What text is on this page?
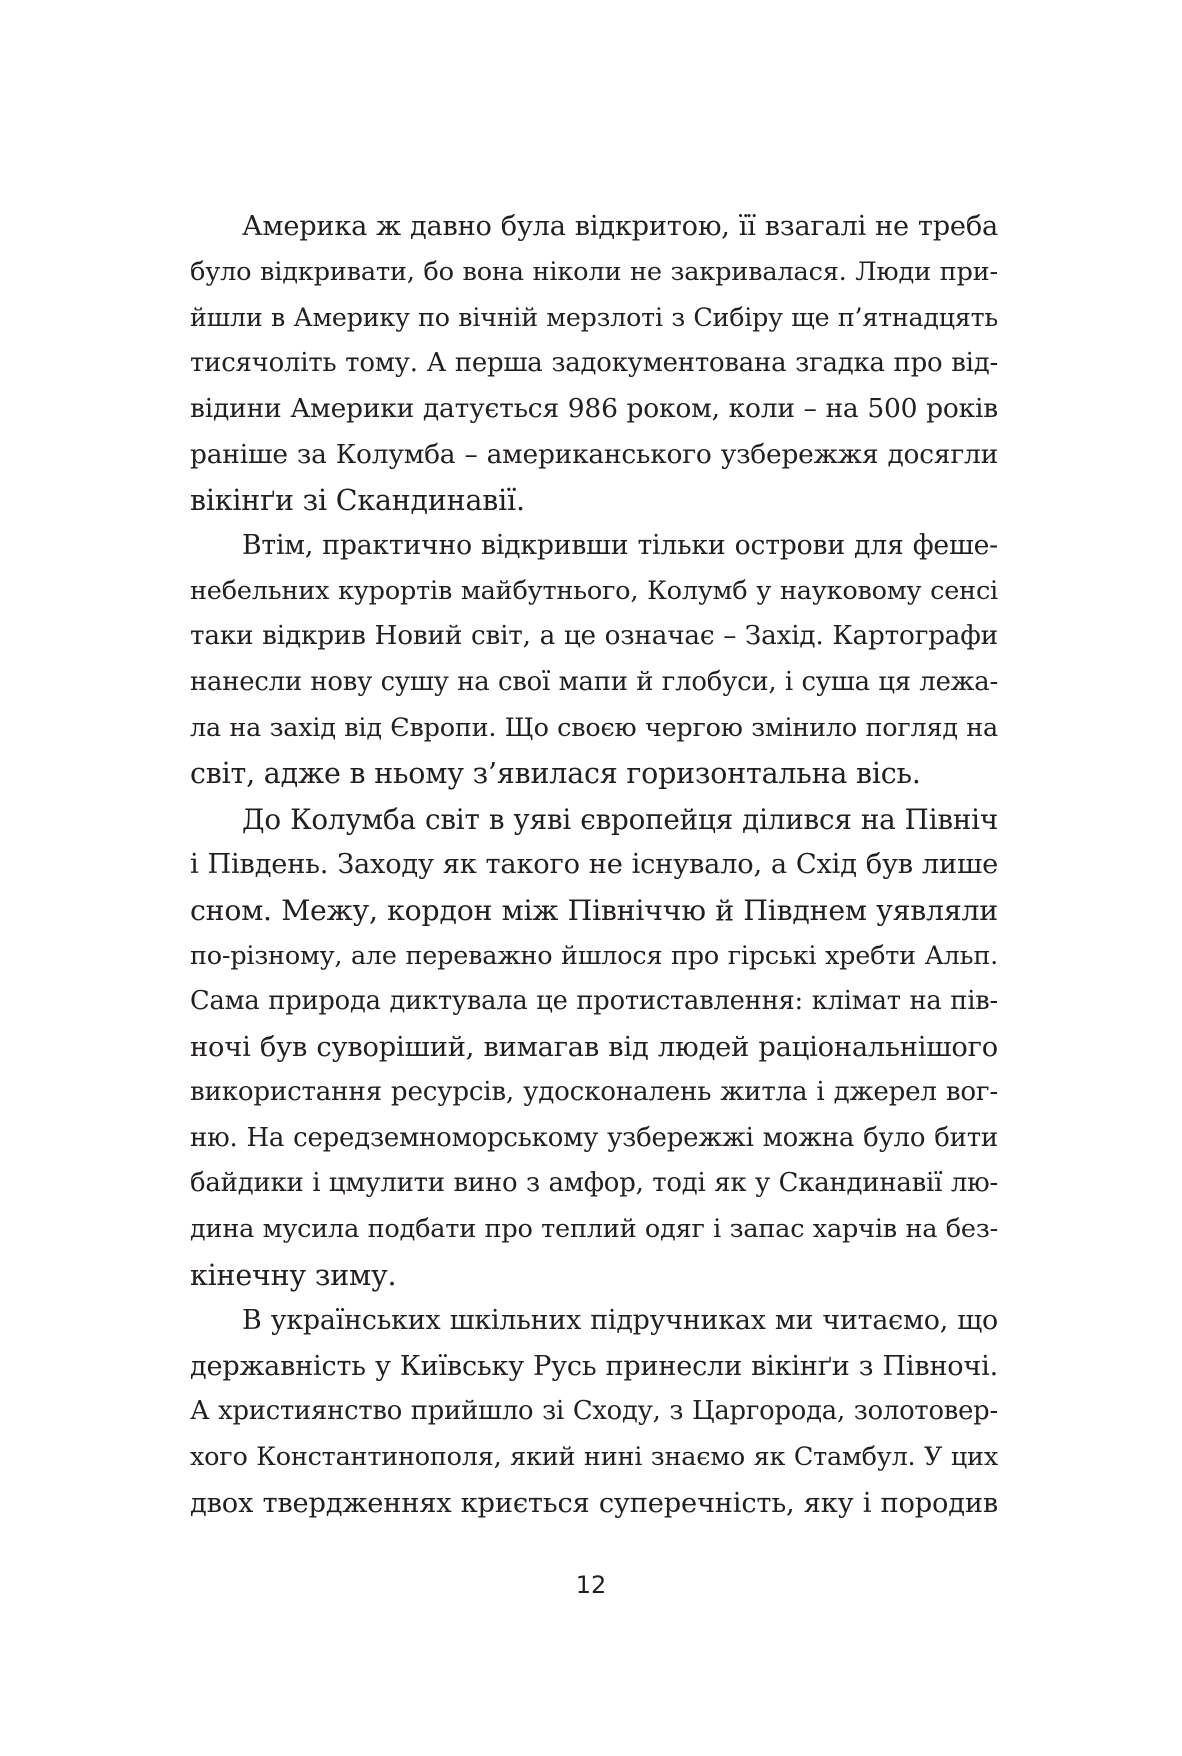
Америка ж давно була відкритою, її взагалі не треба
було відкривати, бо вона ніколи не закривалася. Люди при-
йшли в Америку по вічній мерзлоті з Сибіру ще п’ятнадцять
тисячоліть тому. А перша задокументована згадка про від-
відини Америки датується 986 роком, коли – на 500 років
раніше за Колумба – американського узбережжя досягли
вікінґи зі Скандинавії.
Втім, практично відкривши тільки острови для феше-
небельних курортів майбутнього, Колумб у науковому сенсі
таки відкрив Новий світ, а це означає – Захід. Картографи
нанесли нову сушу на свої мапи й глобуси, і суша ця лежа-
ла на захід від Європи. Що своєю чергою змінило погляд на
світ, адже в ньому з’явилася горизонтальна вісь.
До Колумба світ в уяві європейця ділився на Північ
і Південь. Заходу як такого не існувало, а Схід був лише
сном. Межу, кордон між Північчю й Півднем уявляли
по-різному, але переважно йшлося про гірські хребти Альп.
Сама природа диктувала це протиставлення: клімат на пів-
ночі був суворіший, вимагав від людей раціональнішого
використання ресурсів, удосконалень житла і джерел вог-
ню. На середземноморському узбережжі можна було бити
байдики і цмулити вино з амфор, тоді як у Скандинавії лю-
дина мусила подбати про теплий одяг і запас харчів на без-
кінечну зиму.
В українських шкільних підручниках ми читаємо, що
державність у Київську Русь принесли вікінґи з Півночі.
А християнство прийшло зі Сходу, з Царгорода, золотовер-
хого Константинополя, який нині знаємо як Стамбул. У цих
двох твердженнях криється суперечність, яку і породив
12
